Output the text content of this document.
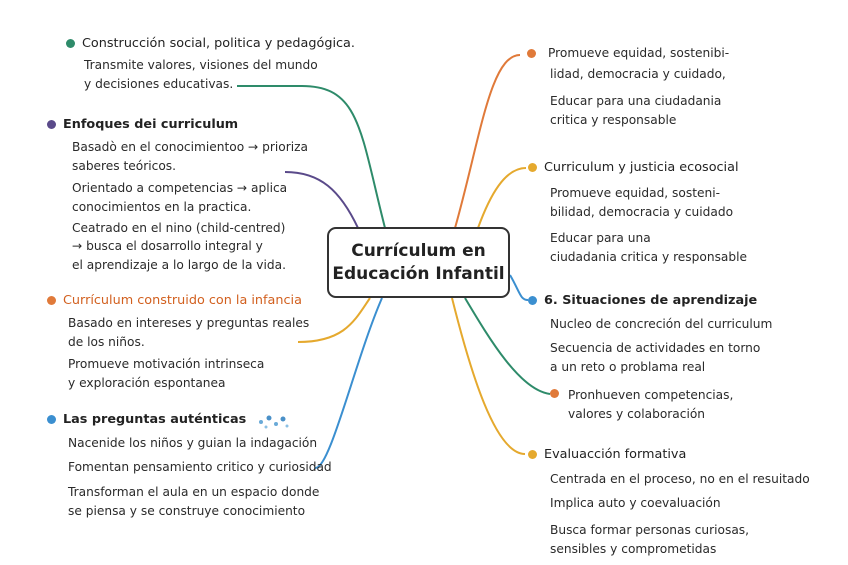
Currículum en
Educación Infantil
Construcción social, politica y pedagógica.
Transmite valores, visiones del mundo
y decisiones educativas.
Enfoques dei curriculum
Basadò en el conocimientoo → prioriza
saberes teóricos.
Orientado a competencias → aplica
conocimientos en la practica.
Ceatrado en el nino (child-centred)
→ busca el dosarrollo integral y
el aprendizaje a lo largo de la vida.
Currículum construido con la infancia
Basado en intereses y preguntas reales
de los niños.
Promueve motivación intrinseca
y exploración espontanea
Las preguntas auténticas
Nacenide los niños y guian la indagación
Fomentan pensamiento critico y curiosidad
Transforman el aula en un espacio donde
se piensa y se construye conocimiento
Promueve equidad, sostenibi-
lidad, democracia y cuidado,
Educar para una ciudadania
critica y responsable
Curriculum y justicia ecosocial
Promueve equidad, sosteni-
bilidad, democracia y cuidado
Educar para una
ciudadania critica y responsable
6. Situaciones de aprendizaje
Nucleo de concreción del curriculum
Secuencia de actividades en torno
a un reto o problama real
Pronhueven competencias,
valores y colaboración
Evaluacción formativa
Centrada en el proceso, no en el resuitado
Implica auto y coevaluación
Busca formar personas curiosas,
sensibles y comprometidas
